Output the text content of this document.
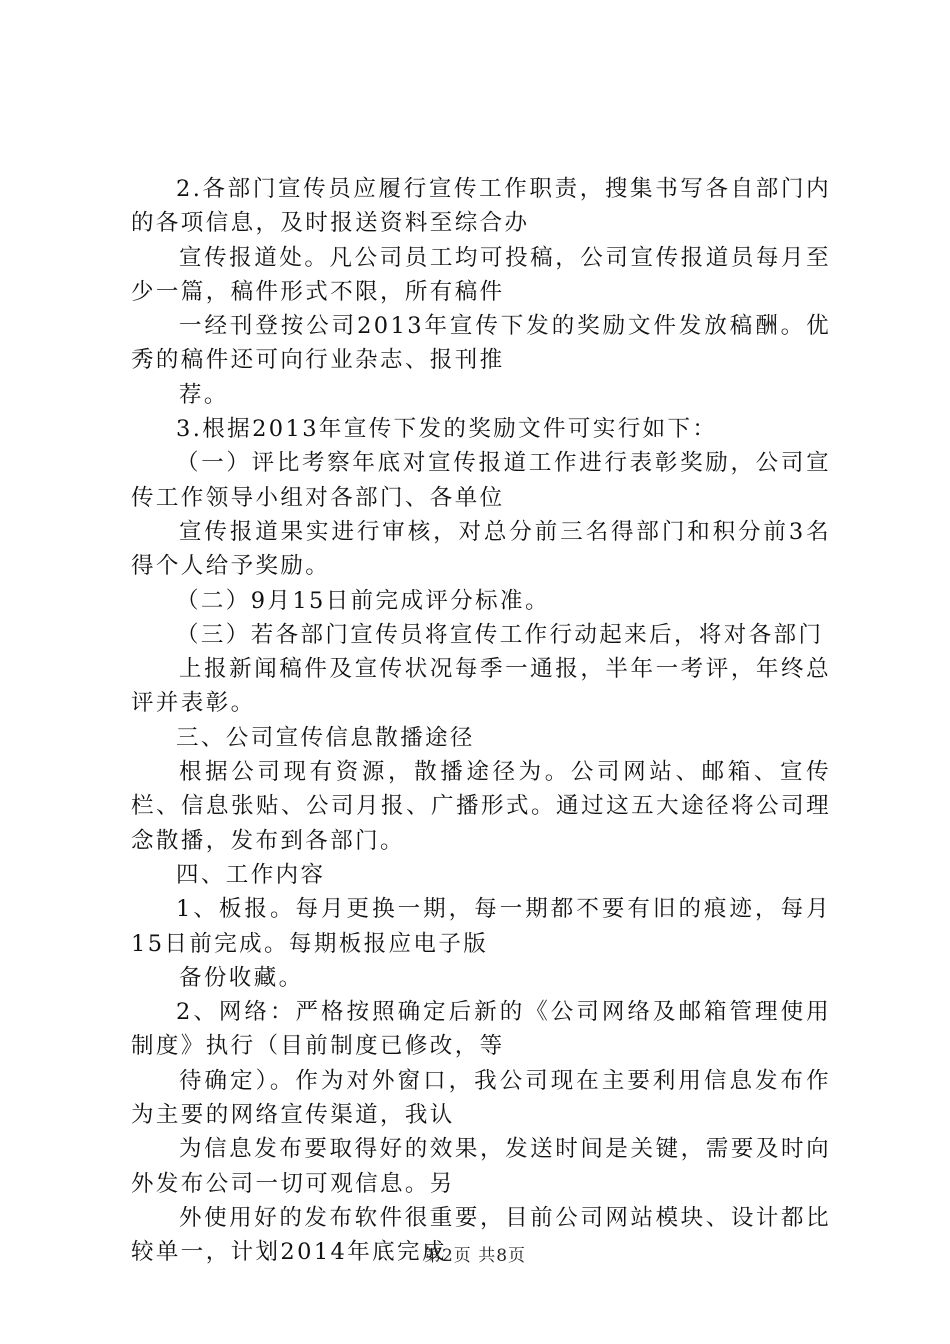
2.各部门宣传员应履行宣传工作职责，搜集书写各自部门内的各项信息，及时报送资料至综合办

宣传报道处。凡公司员工均可投稿，公司宣传报道员每月至少一篇，稿件形式不限，所有稿件

一经刊登按公司2013年宣传下发的奖励文件发放稿酬。优秀的稿件还可向行业杂志、报刊推

荐。

3.根据2013年宣传下发的奖励文件可实行如下：

（一）评比考察年底对宣传报道工作进行表彰奖励，公司宣传工作领导小组对各部门、各单位

宣传报道果实进行审核，对总分前三名得部门和积分前3名得个人给予奖励。

（二）9月15日前完成评分标准。

（三）若各部门宣传员将宣传工作行动起来后，将对各部门

上报新闻稿件及宣传状况每季一通报，半年一考评，年终总评并表彰。

三、公司宣传信息散播途径

根据公司现有资源，散播途径为。公司网站、邮箱、宣传栏、信息张贴、公司月报、广播形式。通过这五大途径将公司理念散播，发布到各部门。

四、工作内容

1、板报。每月更换一期，每一期都不要有旧的痕迹，每月15日前完成。每期板报应电子版

备份收藏。

2、网络：严格按照确定后新的《公司网络及邮箱管理使用制度》执行（目前制度已修改，等

待确定）。作为对外窗口，我公司现在主要利用信息发布作为主要的网络宣传渠道，我认

为信息发布要取得好的效果，发送时间是关键，需要及时向外发布公司一切可观信息。另

外使用好的发布软件很重要，目前公司网站模块、设计都比较单一，计划2014年底完成

第2页 共8页
